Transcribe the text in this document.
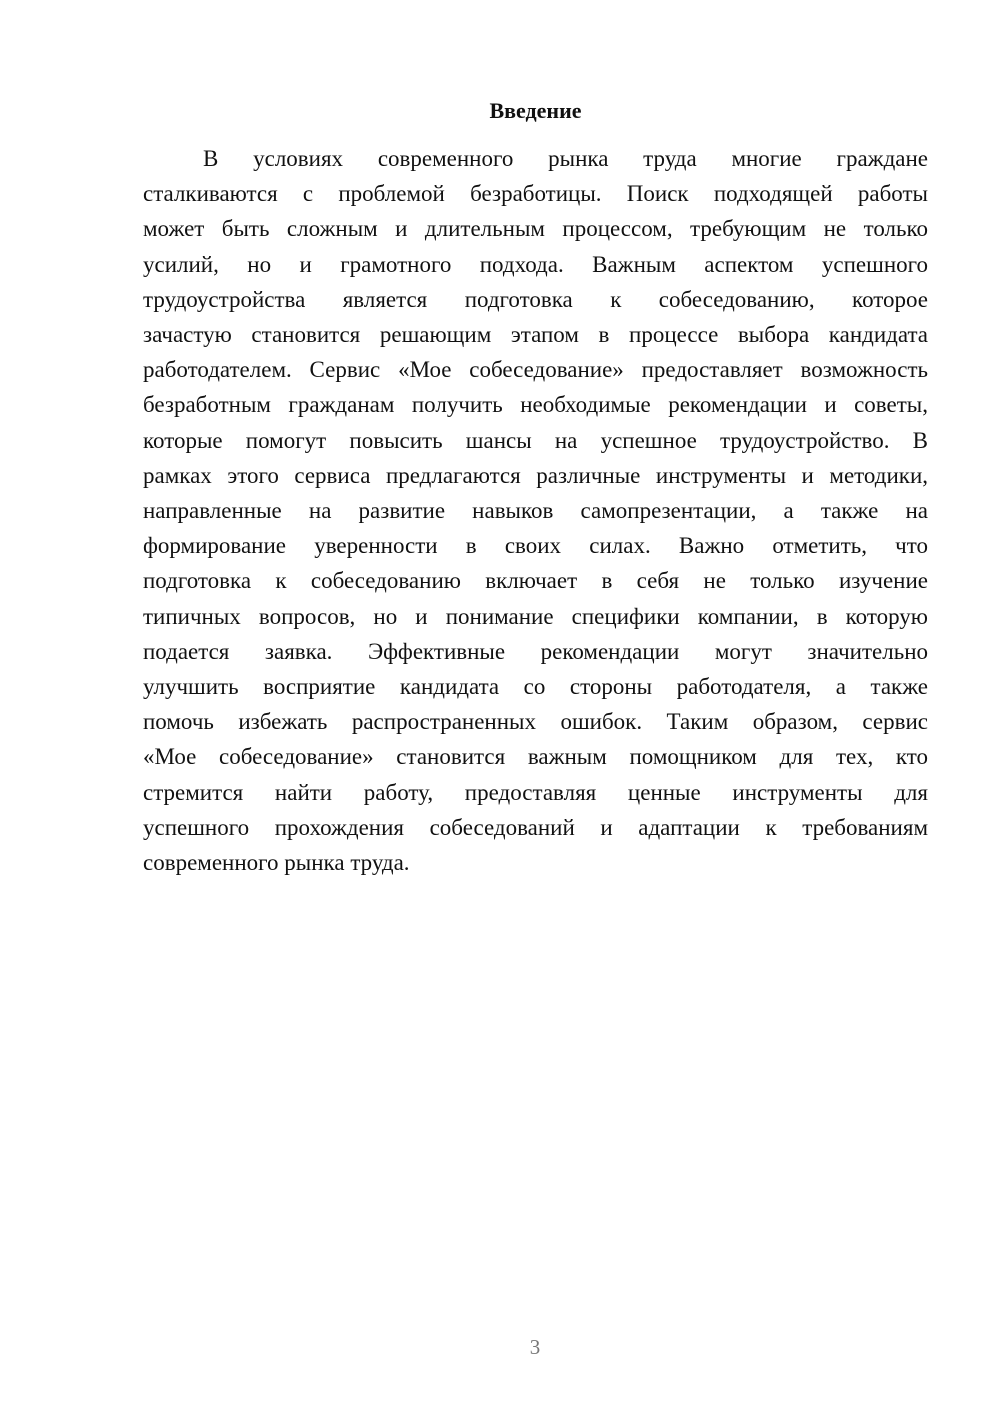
Введение
В условиях современного рынка труда многие граждане
сталкиваются с проблемой безработицы. Поиск подходящей работы
может быть сложным и длительным процессом, требующим не только
усилий, но и грамотного подхода. Важным аспектом успешного
трудоустройства является подготовка к собеседованию, которое
зачастую становится решающим этапом в процессе выбора кандидата
работодателем. Сервис «Мое собеседование» предоставляет возможность
безработным гражданам получить необходимые рекомендации и советы,
которые помогут повысить шансы на успешное трудоустройство. В
рамках этого сервиса предлагаются различные инструменты и методики,
направленные на развитие навыков самопрезентации, а также на
формирование уверенности в своих силах. Важно отметить, что
подготовка к собеседованию включает в себя не только изучение
типичных вопросов, но и понимание специфики компании, в которую
подается заявка. Эффективные рекомендации могут значительно
улучшить восприятие кандидата со стороны работодателя, а также
помочь избежать распространенных ошибок. Таким образом, сервис
«Мое собеседование» становится важным помощником для тех, кто
стремится найти работу, предоставляя ценные инструменты для
успешного прохождения собеседований и адаптации к требованиям
современного рынка труда.
3
